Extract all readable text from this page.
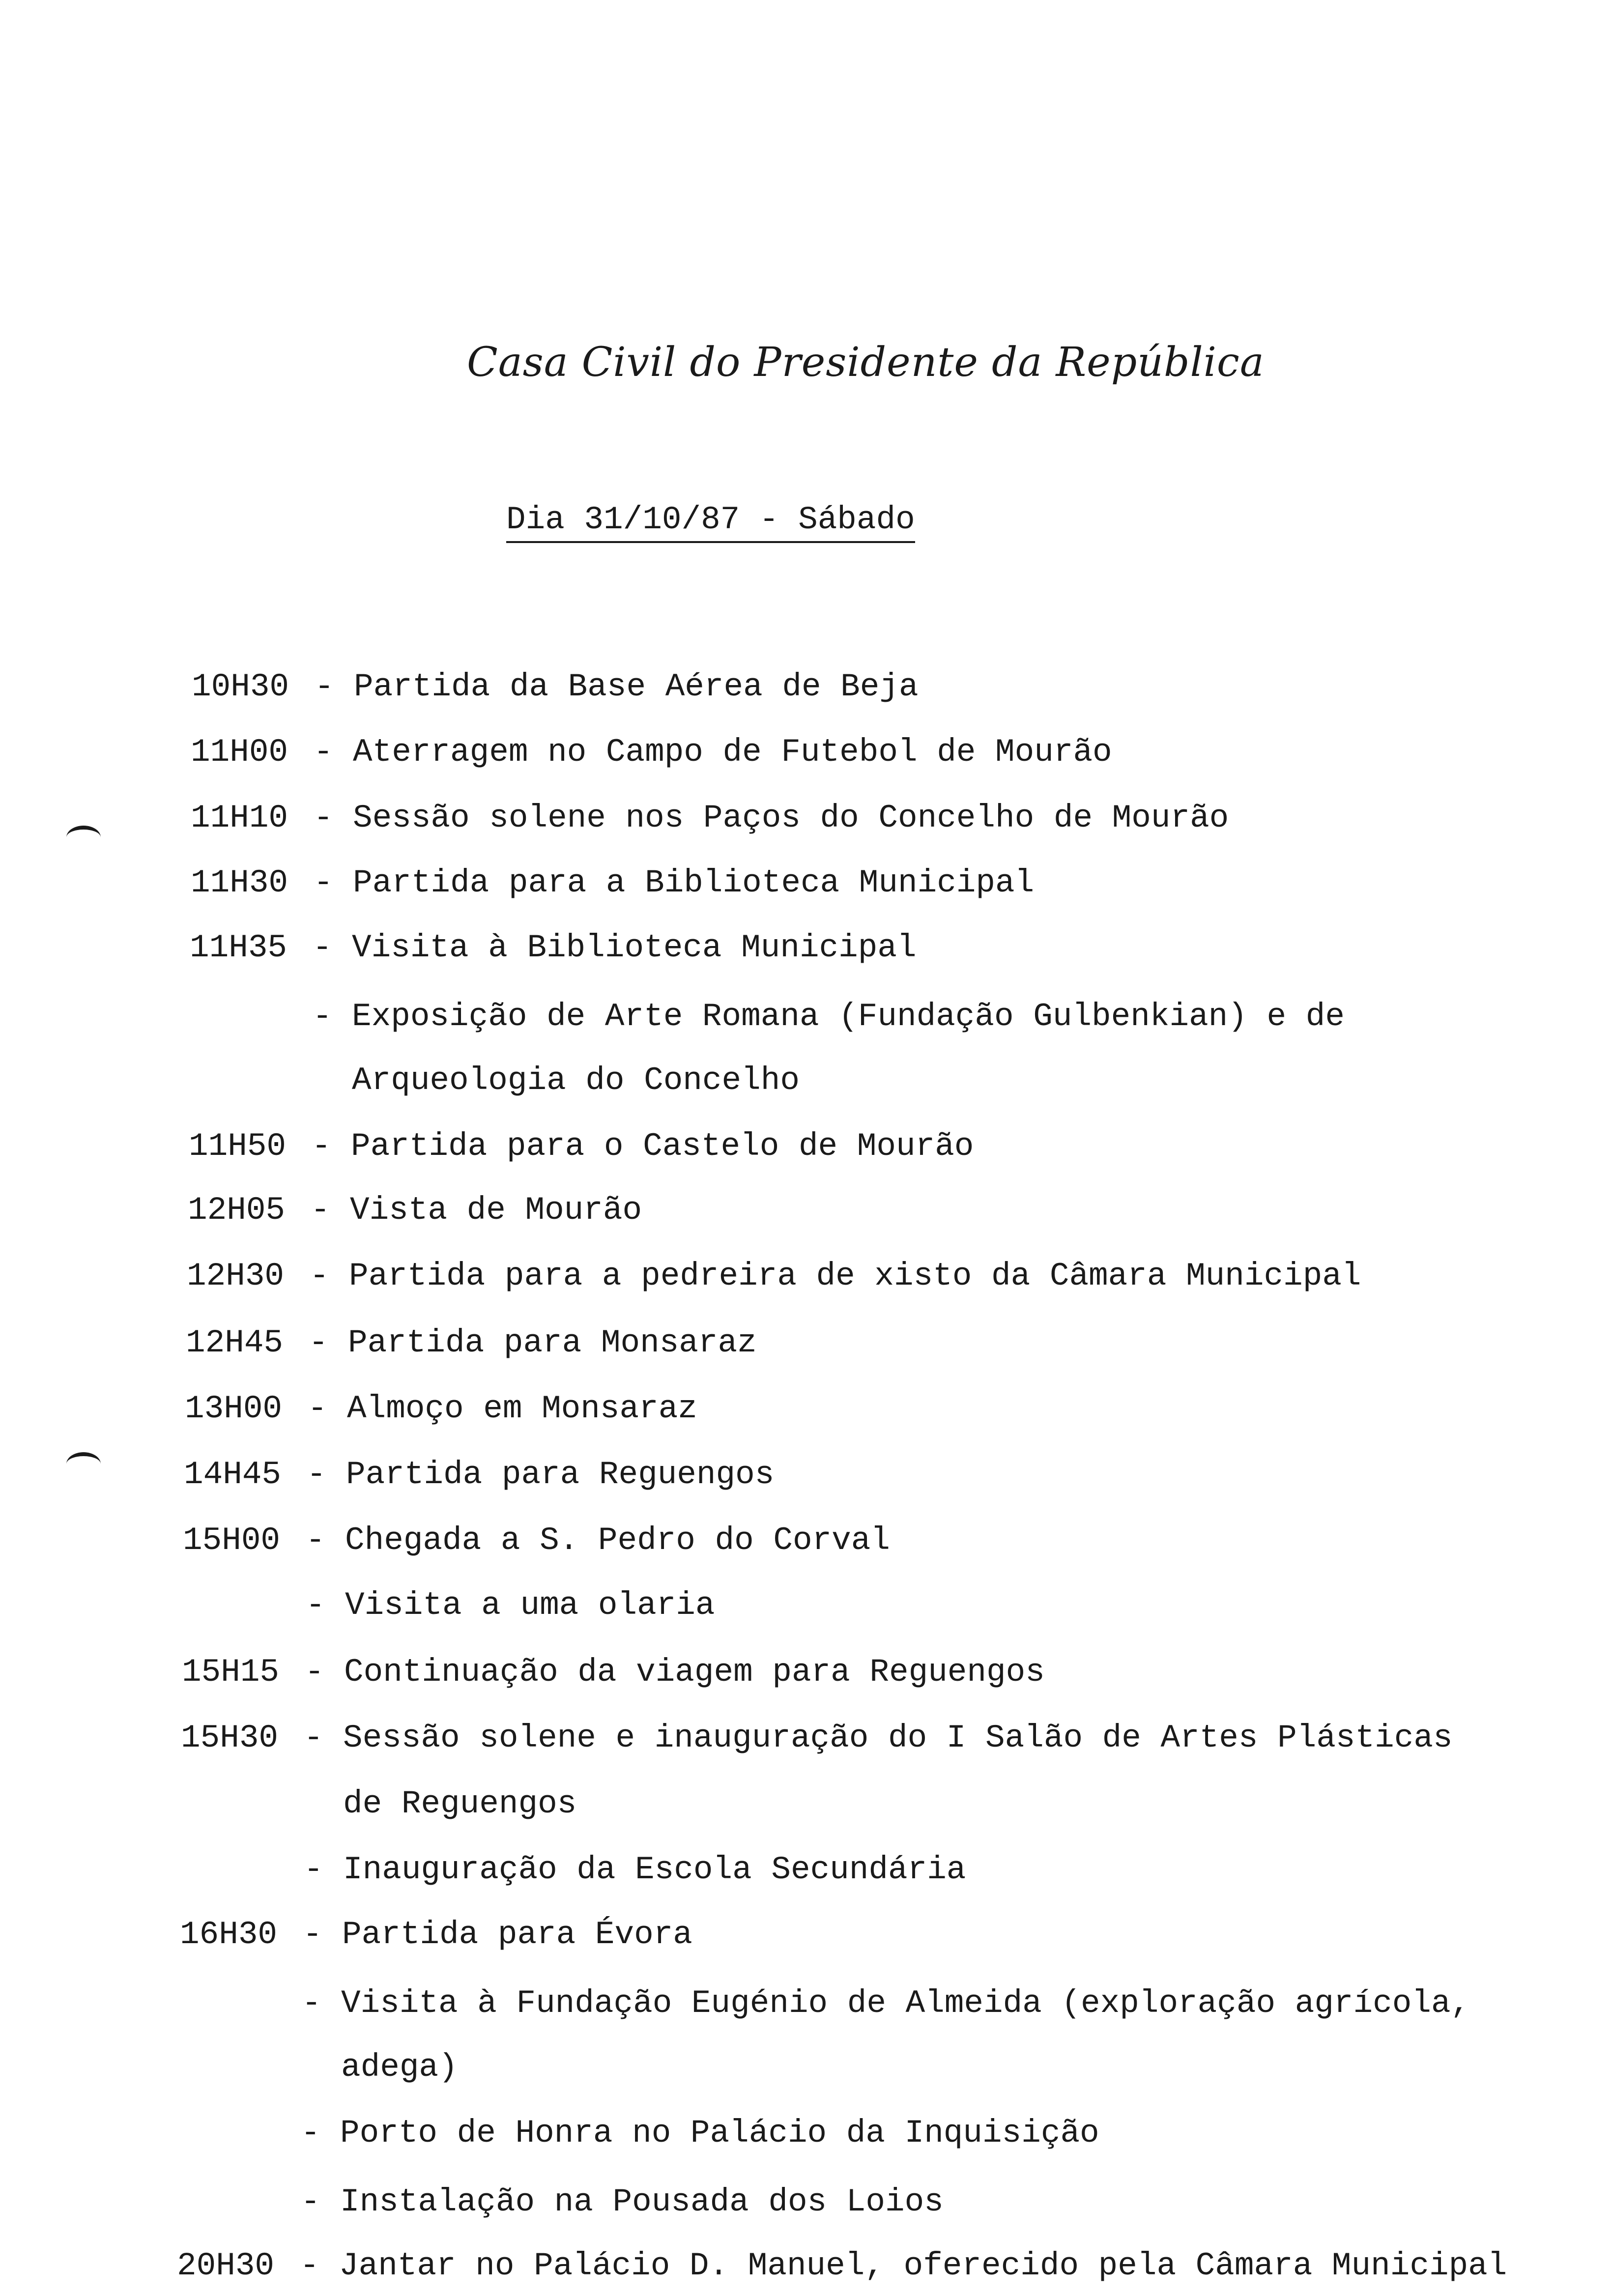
Casa Civil do Presidente da República
Dia 31/10/87 - Sábado
10H30 - Partida da Base Aérea de Beja
11H00 - Aterragem no Campo de Futebol de Mourão
11H10 - Sessão solene nos Paços do Concelho de Mourão
11H30 - Partida para a Biblioteca Municipal
11H35 - Visita à Biblioteca Municipal
- Exposição de Arte Romana (Fundação Gulbenkian) e de
Arqueologia do Concelho
11H50 - Partida para o Castelo de Mourão
12H05 - Vista de Mourão
12H30 - Partida para a pedreira de xisto da Câmara Municipal
12H45 - Partida para Monsaraz
13H00 - Almoço em Monsaraz
14H45 - Partida para Reguengos
15H00 - Chegada a S. Pedro do Corval
- Visita a uma olaria
15H15 - Continuação da viagem para Reguengos
15H30 - Sessão solene e inauguração do I Salão de Artes Plásticas
de Reguengos
- Inauguração da Escola Secundária
16H30 - Partida para Évora
- Visita à Fundação Eugénio de Almeida (exploração agrícola,
adega)
- Porto de Honra no Palácio da Inquisição
- Instalação na Pousada dos Loios
20H30 - Jantar no Palácio D. Manuel, oferecido pela Câmara Municipal
